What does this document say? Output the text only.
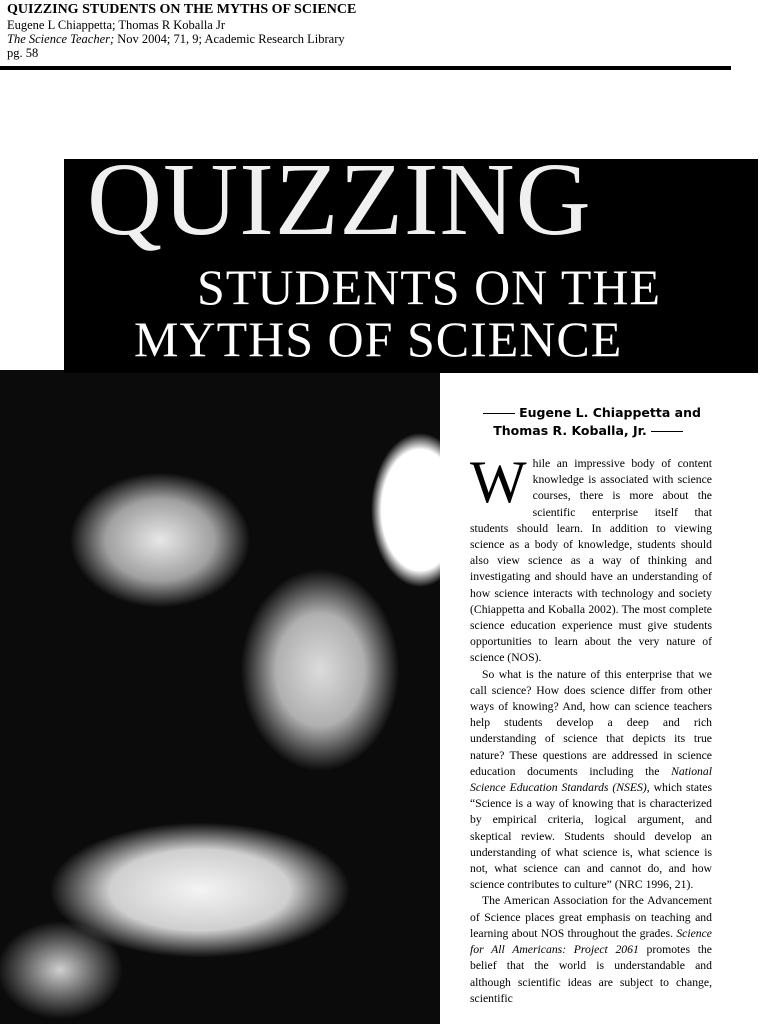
QUIZZING STUDENTS ON THE MYTHS OF SCIENCE
Eugene L Chiappetta; Thomas R Koballa Jr
The Science Teacher; Nov 2004; 71, 9; Academic Research Library
pg. 58
QUIZZING
STUDENTS ON THE
MYTHS OF SCIENCE
Eugene L. Chiappetta and
Thomas R. Koballa, Jr.

While an impressive body of content knowledge is associated with science courses, there is more about the scientific enterprise itself that students should learn. In addition to viewing science as a body of knowledge, students should also view science as a way of thinking and investigating and should have an understanding of how science interacts with technology and society (Chiappetta and Koballa 2002). The most complete science education experience must give students opportunities to learn about the very nature of science (NOS).

So what is the nature of this enterprise that we call science? How does science differ from other ways of knowing? And, how can science teachers help students develop a deep and rich understanding of science that depicts its true nature? These questions are addressed in science education documents including the National Science Education Standards (NSES), which states “Science is a way of knowing that is characterized by empirical criteria, logical argument, and skeptical review. Students should develop an understanding of what science is, what science is not, what science can and cannot do, and how science contributes to culture” (NRC 1996, 21).

The American Association for the Advancement of Science places great emphasis on teaching and learning about NOS throughout the grades. Science for All Americans: Project 2061 promotes the belief that the world is understandable and although scientific ideas are subject to change, scientific
